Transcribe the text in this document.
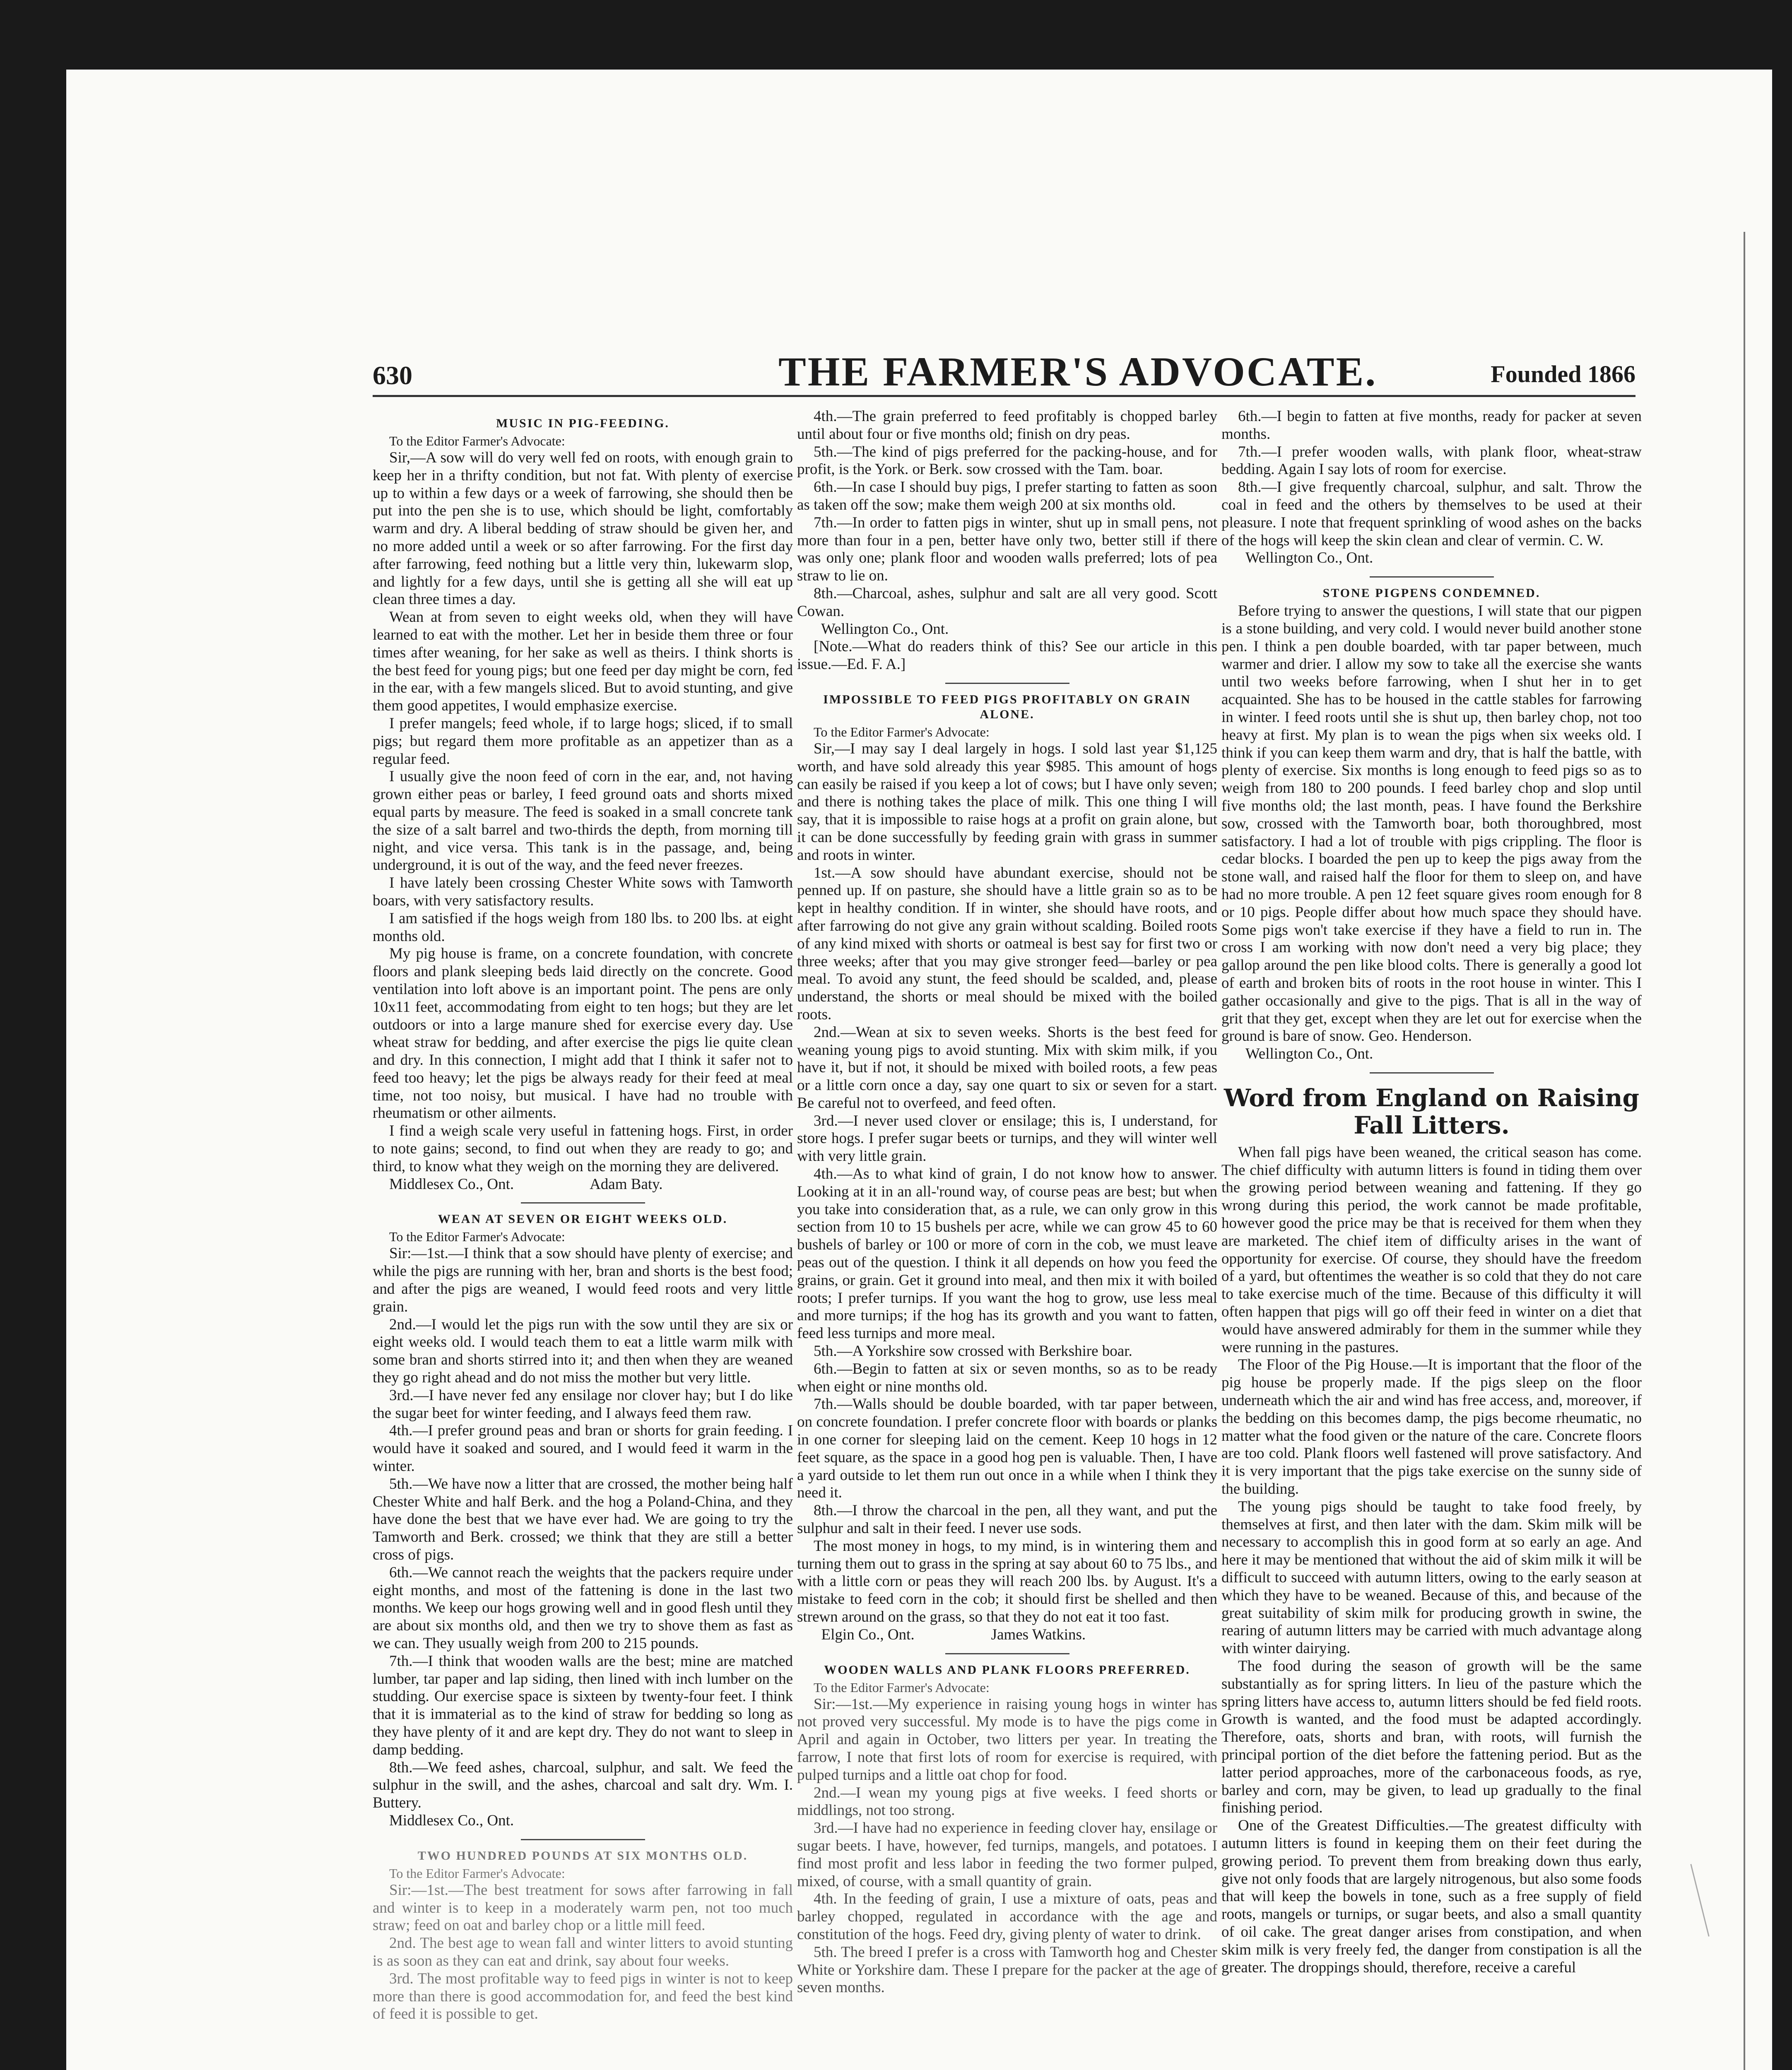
630	THE FARMER'S ADVOCATE.	Founded 1866
MUSIC IN PIG-FEEDING.

To the Editor Farmer's Advocate:

Sir,—A sow will do very well fed on roots, with enough grain to keep her in a thrifty condition, but not fat. With plenty of exercise up to within a few days or a week of farrowing, she should then be put into the pen she is to use, which should be light, comfortably warm and dry. A liberal bedding of straw should be given her, and no more added until a week or so after farrowing. For the first day after farrowing, feed nothing but a little very thin, lukewarm slop, and lightly for a few days, until she is getting all she will eat up clean three times a day.

Wean at from seven to eight weeks old, when they will have learned to eat with the mother. Let her in beside them three or four times after weaning, for her sake as well as theirs. I think shorts is the best feed for young pigs; but one feed per day might be corn, fed in the ear, with a few mangels sliced. But to avoid stunting, and give them good appetites, I would emphasize exercise.

I prefer mangels; feed whole, if to large hogs; sliced, if to small pigs; but regard them more profitable as an appetizer than as a regular feed.

I usually give the noon feed of corn in the ear, and, not having grown either peas or barley, I feed ground oats and shorts mixed equal parts by measure. The feed is soaked in a small concrete tank the size of a salt barrel and two-thirds the depth, from morning till night, and vice versa. This tank is in the passage, and, being underground, it is out of the way, and the feed never freezes.

I have lately been crossing Chester White sows with Tamworth boars, with very satisfactory results.

I am satisfied if the hogs weigh from 180 lbs. to 200 lbs. at eight months old.

My pig house is frame, on a concrete foundation, with concrete floors and plank sleeping beds laid directly on the concrete. Good ventilation into loft above is an important point. The pens are only 10x11 feet, accommodating from eight to ten hogs; but they are let outdoors or into a large manure shed for exercise every day. Use wheat straw for bedding, and after exercise the pigs lie quite clean and dry. In this connection, I might add that I think it safer not to feed too heavy; let the pigs be always ready for their feed at meal time, not too noisy, but musical. I have had no trouble with rheumatism or other ailments.

I find a weigh scale very useful in fattening hogs. First, in order to note gains; second, to find out when they are ready to go; and third, to know what they weigh on the morning they are delivered.

Middlesex Co., Ont.                    Adam Baty.

WEAN AT SEVEN OR EIGHT WEEKS OLD.

To the Editor Farmer's Advocate:

Sir:—1st.—I think that a sow should have plenty of exercise; and while the pigs are running with her, bran and shorts is the best food; and after the pigs are weaned, I would feed roots and very little grain.

2nd.—I would let the pigs run with the sow until they are six or eight weeks old. I would teach them to eat a little warm milk with some bran and shorts stirred into it; and then when they are weaned they go right ahead and do not miss the mother but very little.

3rd.—I have never fed any ensilage nor clover hay; but I do like the sugar beet for winter feeding, and I always feed them raw.

4th.—I prefer ground peas and bran or shorts for grain feeding. I would have it soaked and soured, and I would feed it warm in the winter.

5th.—We have now a litter that are crossed, the mother being half Chester White and half Berk. and the hog a Poland-China, and they have done the best that we have ever had. We are going to try the Tamworth and Berk. crossed; we think that they are still a better cross of pigs.

6th.—We cannot reach the weights that the packers require under eight months, and most of the fattening is done in the last two months. We keep our hogs growing well and in good flesh until they are about six months old, and then we try to shove them as fast as we can. They usually weigh from 200 to 215 pounds.

7th.—I think that wooden walls are the best; mine are matched lumber, tar paper and lap siding, then lined with inch lumber on the studding. Our exercise space is sixteen by twenty-four feet. I think that it is immaterial as to the kind of straw for bedding so long as they have plenty of it and are kept dry. They do not want to sleep in damp bedding.

8th.—We feed ashes, charcoal, sulphur, and salt. We feed the sulphur in the swill, and the ashes, charcoal and salt dry. Wm. I. Buttery.

Middlesex Co., Ont.

TWO HUNDRED POUNDS AT SIX MONTHS OLD.

To the Editor Farmer's Advocate:

Sir:—1st.—The best treatment for sows after farrowing in fall and winter is to keep in a moderately warm pen, not too much straw; feed on oat and barley chop or a little mill feed.

2nd. The best age to wean fall and winter litters to avoid stunting is as soon as they can eat and drink, say about four weeks.

3rd. The most profitable way to feed pigs in winter is not to keep more than there is good accommodation for, and feed the best kind of feed it is possible to get.

4th.—The grain preferred to feed profitably is chopped barley until about four or five months old; finish on dry peas.

5th.—The kind of pigs preferred for the packing-house, and for profit, is the York. or Berk. sow crossed with the Tam. boar.

6th.—In case I should buy pigs, I prefer starting to fatten as soon as taken off the sow; make them weigh 200 at six months old.

7th.—In order to fatten pigs in winter, shut up in small pens, not more than four in a pen, better have only two, better still if there was only one; plank floor and wooden walls preferred; lots of pea straw to lie on.

8th.—Charcoal, ashes, sulphur and salt are all very good. Scott Cowan.

Wellington Co., Ont.

[Note.—What do readers think of this? See our article in this issue.—Ed. F. A.]

IMPOSSIBLE TO FEED PIGS PROFITABLY ON GRAIN ALONE.

To the Editor Farmer's Advocate:

Sir,—I may say I deal largely in hogs. I sold last year $1,125 worth, and have sold already this year $985. This amount of hogs can easily be raised if you keep a lot of cows; but I have only seven; and there is nothing takes the place of milk. This one thing I will say, that it is impossible to raise hogs at a profit on grain alone, but it can be done successfully by feeding grain with grass in summer and roots in winter.

1st.—A sow should have abundant exercise, should not be penned up. If on pasture, she should have a little grain so as to be kept in healthy condition. If in winter, she should have roots, and after farrowing do not give any grain without scalding. Boiled roots of any kind mixed with shorts or oatmeal is best say for first two or three weeks; after that you may give stronger feed—barley or pea meal. To avoid any stunt, the feed should be scalded, and, please understand, the shorts or meal should be mixed with the boiled roots.

2nd.—Wean at six to seven weeks. Shorts is the best feed for weaning young pigs to avoid stunting. Mix with skim milk, if you have it, but if not, it should be mixed with boiled roots, a few peas or a little corn once a day, say one quart to six or seven for a start. Be careful not to overfeed, and feed often.

3rd.—I never used clover or ensilage; this is, I understand, for store hogs. I prefer sugar beets or turnips, and they will winter well with very little grain.

4th.—As to what kind of grain, I do not know how to answer. Looking at it in an all-'round way, of course peas are best; but when you take into consideration that, as a rule, we can only grow in this section from 10 to 15 bushels per acre, while we can grow 45 to 60 bushels of barley or 100 or more of corn in the cob, we must leave peas out of the question. I think it all depends on how you feed the grains, or grain. Get it ground into meal, and then mix it with boiled roots; I prefer turnips. If you want the hog to grow, use less meal and more turnips; if the hog has its growth and you want to fatten, feed less turnips and more meal.

5th.—A Yorkshire sow crossed with Berkshire boar.

6th.—Begin to fatten at six or seven months, so as to be ready when eight or nine months old.

7th.—Walls should be double boarded, with tar paper between, on concrete foundation. I prefer concrete floor with boards or planks in one corner for sleeping laid on the cement. Keep 10 hogs in 12 feet square, as the space in a good hog pen is valuable. Then, I have a yard outside to let them run out once in a while when I think they need it.

8th.—I throw the charcoal in the pen, all they want, and put the sulphur and salt in their feed. I never use sods.

The most money in hogs, to my mind, is in wintering them and turning them out to grass in the spring at say about 60 to 75 lbs., and with a little corn or peas they will reach 200 lbs. by August. It's a mistake to feed corn in the cob; it should first be shelled and then strewn around on the grass, so that they do not eat it too fast.

Elgin Co., Ont.                    James Watkins.

WOODEN WALLS AND PLANK FLOORS PREFERRED.

To the Editor Farmer's Advocate:

Sir:—1st.—My experience in raising young hogs in winter has not proved very successful. My mode is to have the pigs come in April and again in October, two litters per year. In treating the farrow, I note that first lots of room for exercise is required, with pulped turnips and a little oat chop for food.

2nd.—I wean my young pigs at five weeks. I feed shorts or middlings, not too strong.

3rd.—I have had no experience in feeding clover hay, ensilage or sugar beets. I have, however, fed turnips, mangels, and potatoes. I find most profit and less labor in feeding the two former pulped, mixed, of course, with a small quantity of grain.

4th. In the feeding of grain, I use a mixture of oats, peas and barley chopped, regulated in accordance with the age and constitution of the hogs. Feed dry, giving plenty of water to drink.

5th. The breed I prefer is a cross with Tamworth hog and Chester White or Yorkshire dam. These I prepare for the packer at the age of seven months.

6th.—I begin to fatten at five months, ready for packer at seven months.

7th.—I prefer wooden walls, with plank floor, wheat-straw bedding. Again I say lots of room for exercise.

8th.—I give frequently charcoal, sulphur, and salt. Throw the coal in feed and the others by themselves to be used at their pleasure. I note that frequent sprinkling of wood ashes on the backs of the hogs will keep the skin clean and clear of vermin. C. W.

Wellington Co., Ont.

STONE PIGPENS CONDEMNED.

Before trying to answer the questions, I will state that our pigpen is a stone building, and very cold. I would never build another stone pen. I think a pen double boarded, with tar paper between, much warmer and drier. I allow my sow to take all the exercise she wants until two weeks before farrowing, when I shut her in to get acquainted. She has to be housed in the cattle stables for farrowing in winter. I feed roots until she is shut up, then barley chop, not too heavy at first. My plan is to wean the pigs when six weeks old. I think if you can keep them warm and dry, that is half the battle, with plenty of exercise. Six months is long enough to feed pigs so as to weigh from 180 to 200 pounds. I feed barley chop and slop until five months old; the last month, peas. I have found the Berkshire sow, crossed with the Tamworth boar, both thoroughbred, most satisfactory. I had a lot of trouble with pigs crippling. The floor is cedar blocks. I boarded the pen up to keep the pigs away from the stone wall, and raised half the floor for them to sleep on, and have had no more trouble. A pen 12 feet square gives room enough for 8 or 10 pigs. People differ about how much space they should have. Some pigs won't take exercise if they have a field to run in. The cross I am working with now don't need a very big place; they gallop around the pen like blood colts. There is generally a good lot of earth and broken bits of roots in the root house in winter. This I gather occasionally and give to the pigs. That is all in the way of grit that they get, except when they are let out for exercise when the ground is bare of snow. Geo. Henderson.

Wellington Co., Ont.

Word from England on Raising Fall Litters.

When fall pigs have been weaned, the critical season has come. The chief difficulty with autumn litters is found in tiding them over the growing period between weaning and fattening. If they go wrong during this period, the work cannot be made profitable, however good the price may be that is received for them when they are marketed. The chief item of difficulty arises in the want of opportunity for exercise. Of course, they should have the freedom of a yard, but oftentimes the weather is so cold that they do not care to take exercise much of the time. Because of this difficulty it will often happen that pigs will go off their feed in winter on a diet that would have answered admirably for them in the summer while they were running in the pastures.

The Floor of the Pig House.—It is important that the floor of the pig house be properly made. If the pigs sleep on the floor underneath which the air and wind has free access, and, moreover, if the bedding on this becomes damp, the pigs become rheumatic, no matter what the food given or the nature of the care. Concrete floors are too cold. Plank floors well fastened will prove satisfactory. And it is very important that the pigs take exercise on the sunny side of the building.

The young pigs should be taught to take food freely, by themselves at first, and then later with the dam. Skim milk will be necessary to accomplish this in good form at so early an age. And here it may be mentioned that without the aid of skim milk it will be difficult to succeed with autumn litters, owing to the early season at which they have to be weaned. Because of this, and because of the great suitability of skim milk for producing growth in swine, the rearing of autumn litters may be carried with much advantage along with winter dairying.

The food during the season of growth will be the same substantially as for spring litters. In lieu of the pasture which the spring litters have access to, autumn litters should be fed field roots. Growth is wanted, and the food must be adapted accordingly. Therefore, oats, shorts and bran, with roots, will furnish the principal portion of the diet before the fattening period. But as the latter period approaches, more of the carbonaceous foods, as rye, barley and corn, may be given, to lead up gradually to the final finishing period.

One of the Greatest Difficulties.—The greatest difficulty with autumn litters is found in keeping them on their feet during the growing period. To prevent them from breaking down thus early, give not only foods that are largely nitrogenous, but also some foods that will keep the bowels in tone, such as a free supply of field roots, mangels or turnips, or sugar beets, and also a small quantity of oil cake. The great danger arises from constipation, and when skim milk is very freely fed, the danger from constipation is all the greater. The droppings should, therefore, receive a careful
